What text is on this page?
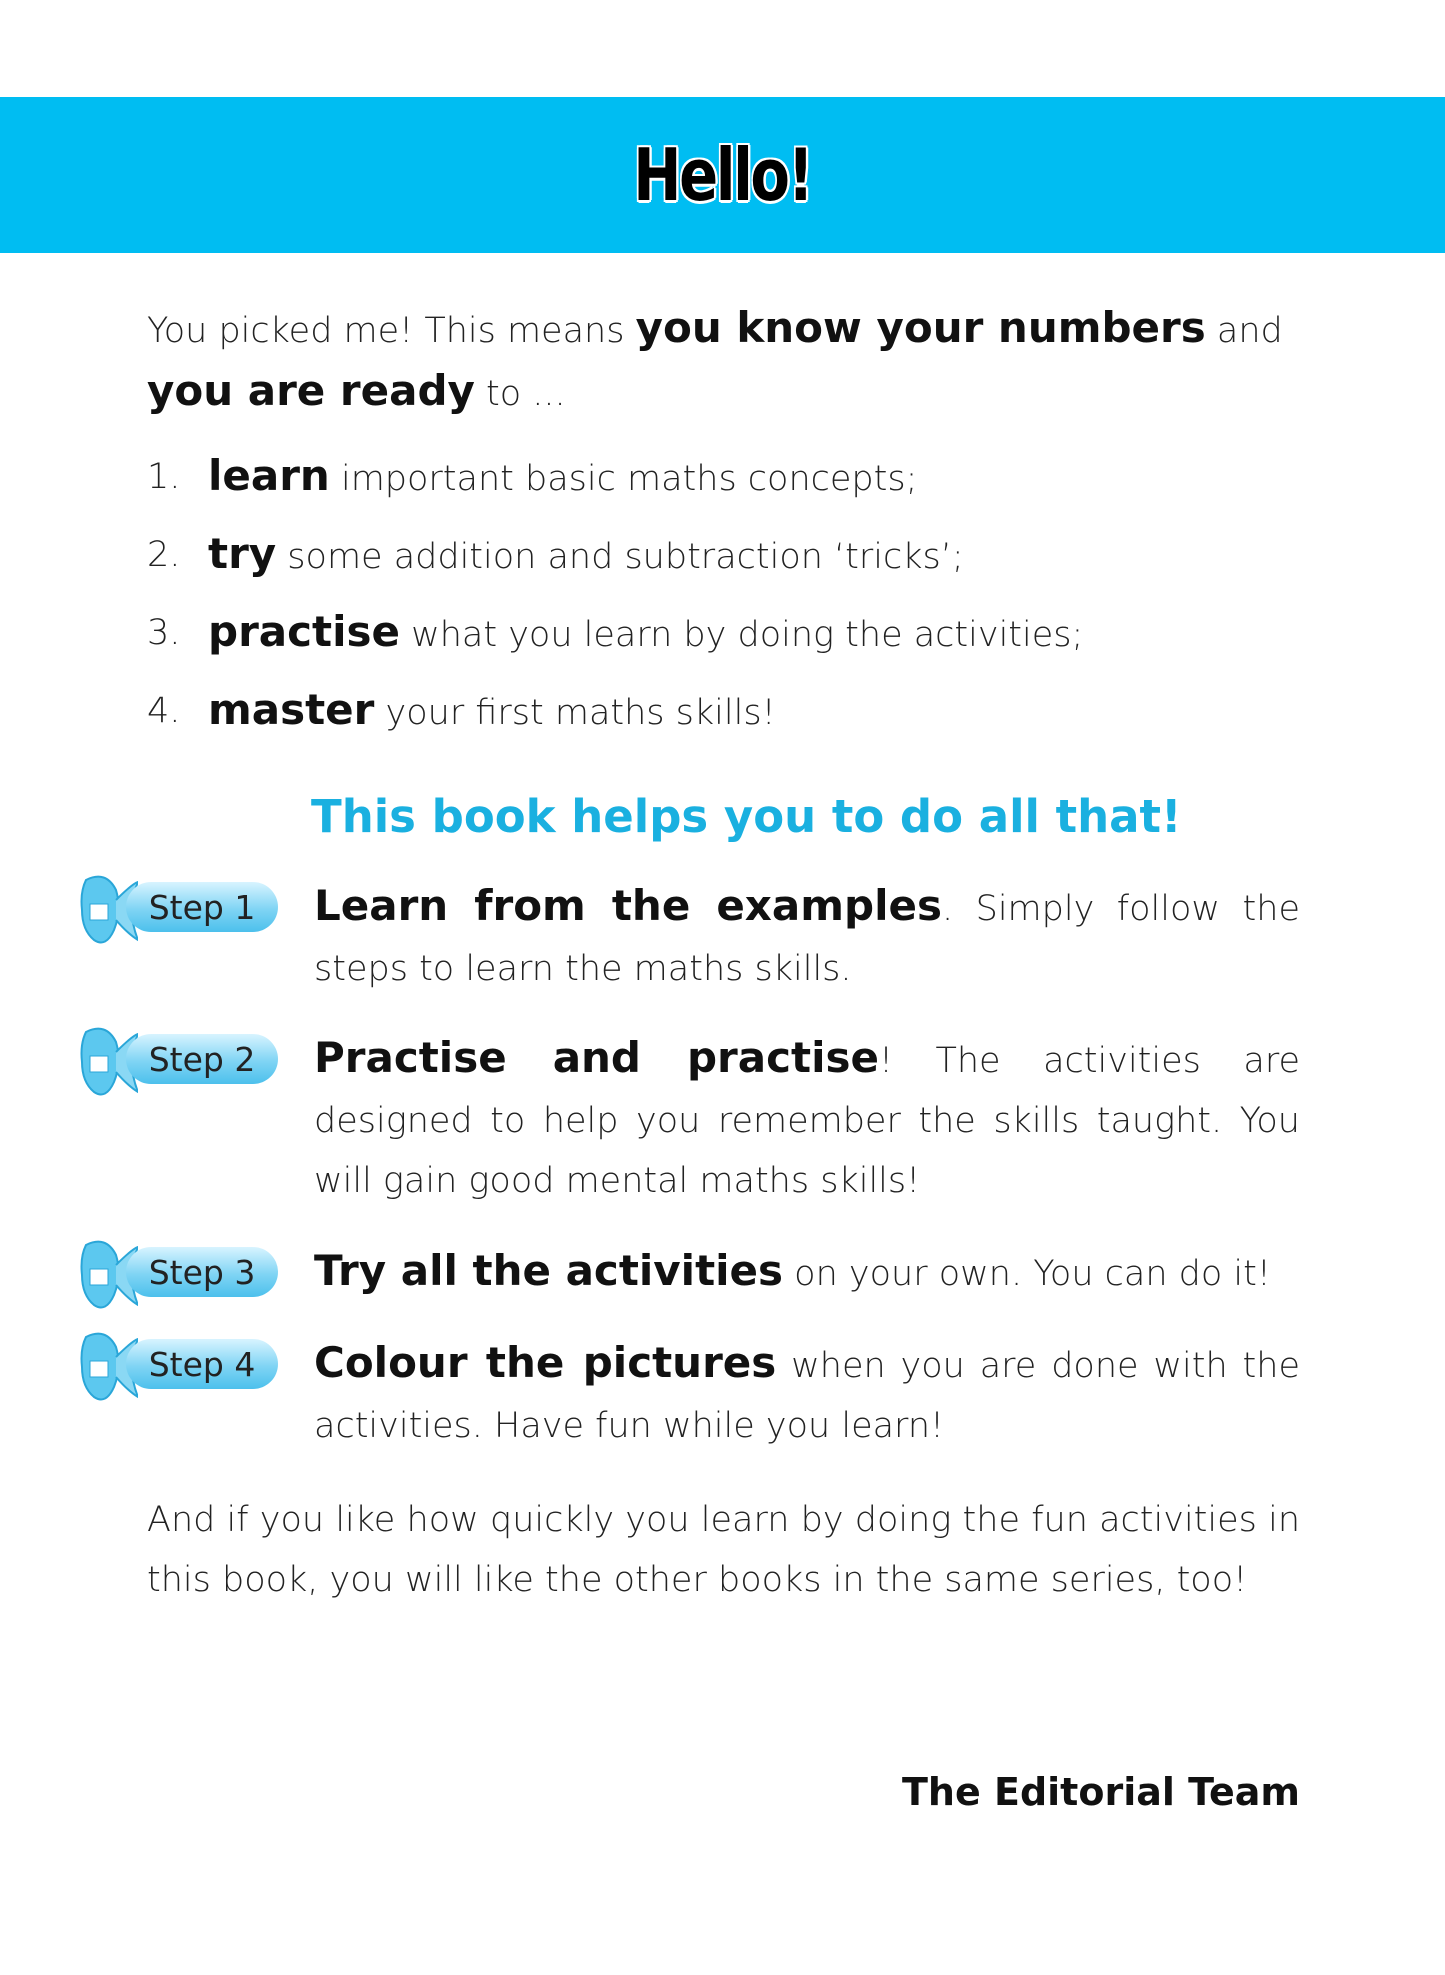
Hello!
You picked me! This means you know your numbers and
you are ready to ...
1. learn important basic maths concepts;
2. try some addition and subtraction ‘tricks’;
3. practise what you learn by doing the activities;
4. master your first maths skills!
This book helps you to do all that!
Step 1	Learn from the examples. Simply follow the steps to learn the maths skills.
Step 2	Practise and practise! The activities are designed to help you remember the skills taught. You will gain good mental maths skills!
Step 3	Try all the activities on your own. You can do it!
Step 4	Colour the pictures when you are done with the activities. Have fun while you learn!
And if you like how quickly you learn by doing the fun activities in this book, you will like the other books in the same series, too!
The Editorial Team
